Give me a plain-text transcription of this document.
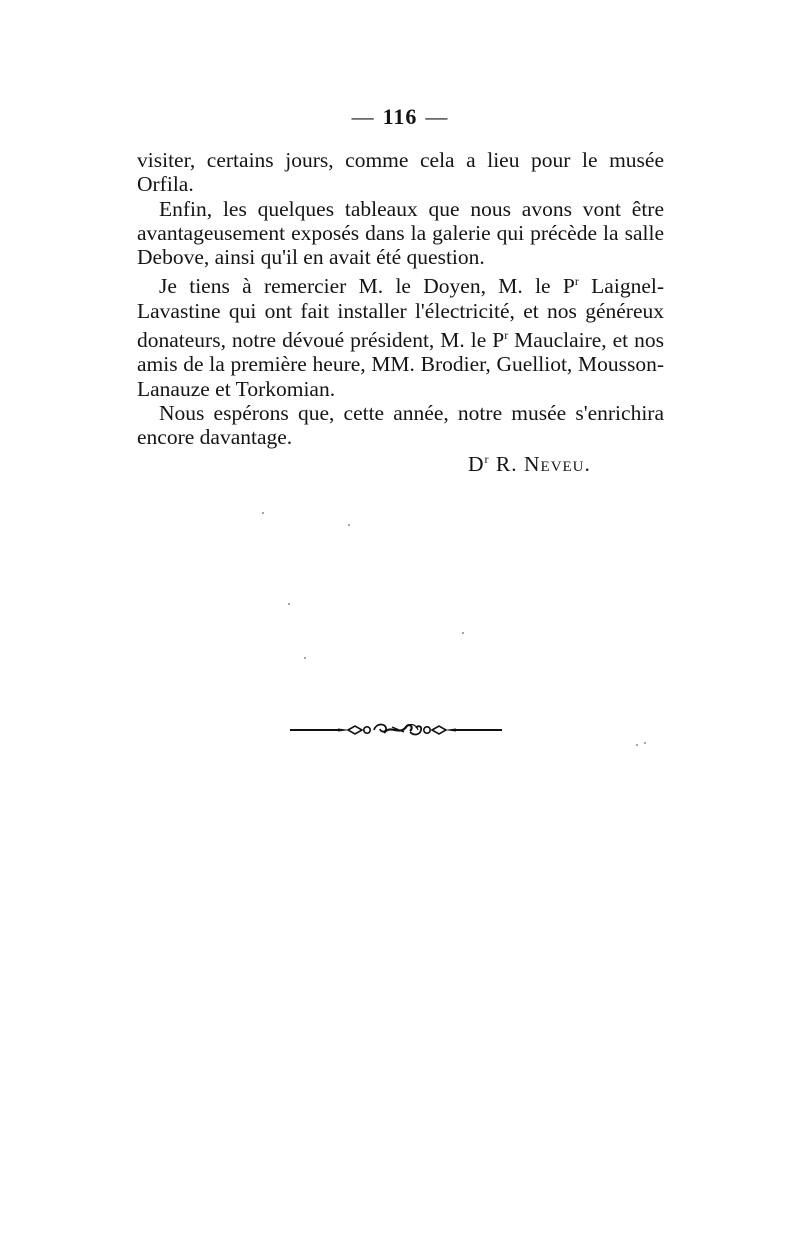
— 116 —

visiter, certains jours, comme cela a lieu pour le musée Orfila.

Enfin, les quelques tableaux que nous avons vont être avantageusement exposés dans la galerie qui précède la salle Debove, ainsi qu'il en avait été question.

Je tiens à remercier M. le Doyen, M. le $P^r$ Laignel-Lavastine qui ont fait installer l'électricité, et nos généreux donateurs, notre dévoué président, M. le $P^r$ Mauclaire, et nos amis de la première heure, MM. Brodier, Guelliot, Mousson-Lanauze et Torkomian.

Nous espérons que, cette année, notre musée s'enrichira encore davantage.

$D^r$ R. Neveu.
